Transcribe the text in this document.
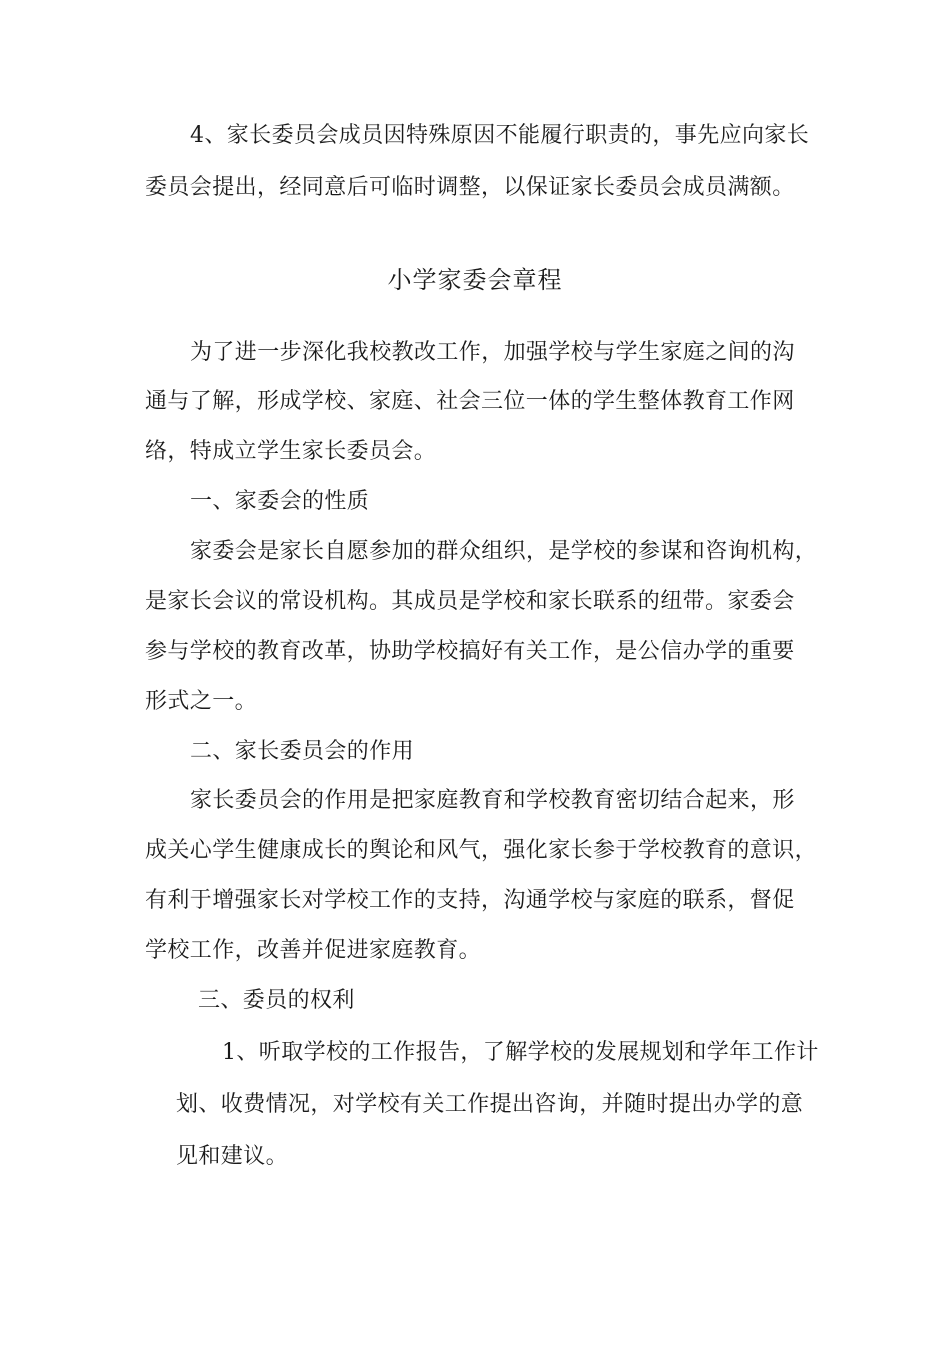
4、家长委员会成员因特殊原因不能履行职责的，事先应向家长
委员会提出，经同意后可临时调整，以保证家长委员会成员满额。
小学家委会章程
为了进一步深化我校教改工作，加强学校与学生家庭之间的沟
通与了解，形成学校、家庭、社会三位一体的学生整体教育工作网
络，特成立学生家长委员会。
一、家委会的性质
家委会是家长自愿参加的群众组织，是学校的参谋和咨询机构，
是家长会议的常设机构。其成员是学校和家长联系的纽带。家委会
参与学校的教育改革，协助学校搞好有关工作，是公信办学的重要
形式之一。
二、家长委员会的作用
家长委员会的作用是把家庭教育和学校教育密切结合起来，形
成关心学生健康成长的舆论和风气，强化家长参于学校教育的意识，
有利于增强家长对学校工作的支持，沟通学校与家庭的联系，督促
学校工作，改善并促进家庭教育。
三、委员的权利
1、听取学校的工作报告，了解学校的发展规划和学年工作计
划、收费情况，对学校有关工作提出咨询，并随时提出办学的意
见和建议。
